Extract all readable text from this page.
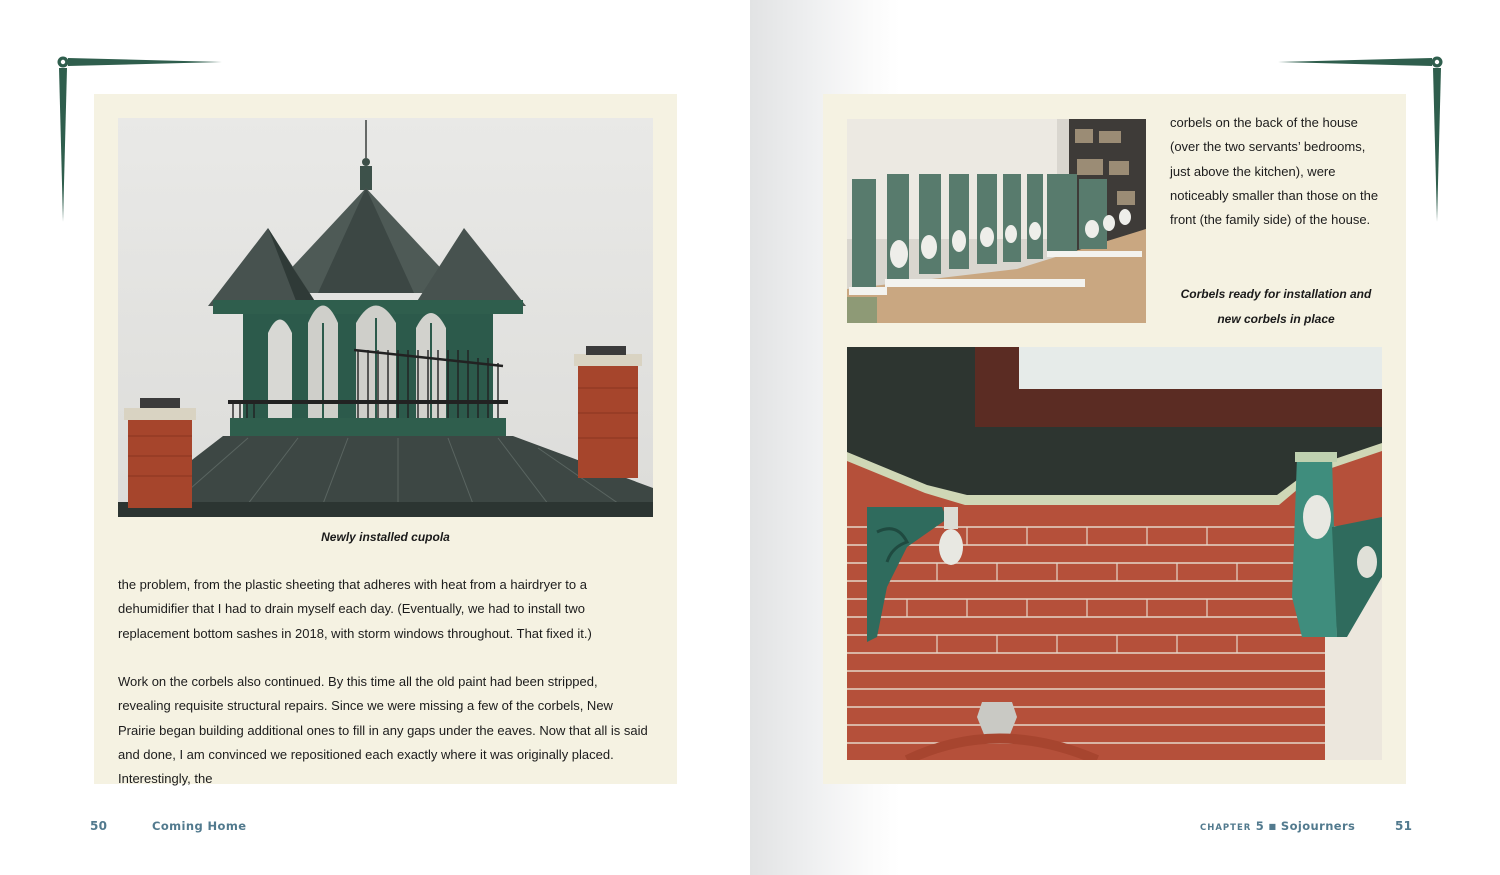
Newly installed cupola

the problem, from the plastic sheeting that adheres with heat from a hairdryer to a dehumidifier that I had to drain myself each day. (Eventually, we had to install two replacement bottom sashes in 2018, with storm windows throughout. That fixed it.)

Work on the corbels also continued. By this time all the old paint had been stripped, revealing requisite structural repairs. Since we were missing a few of the corbels, New Prairie began building additional ones to fill in any gaps under the eaves. Now that all is said and done, I am convinced we repositioned each exactly where it was originally placed. Interestingly, the

50	Coming Home

corbels on the back of the house (over the two servants’ bedrooms, just above the kitchen), were noticeably smaller than those on the front (the family side) of the house.

Corbels ready for installation and new corbels in place

CHAPTER 5 ■ Sojourners	51
